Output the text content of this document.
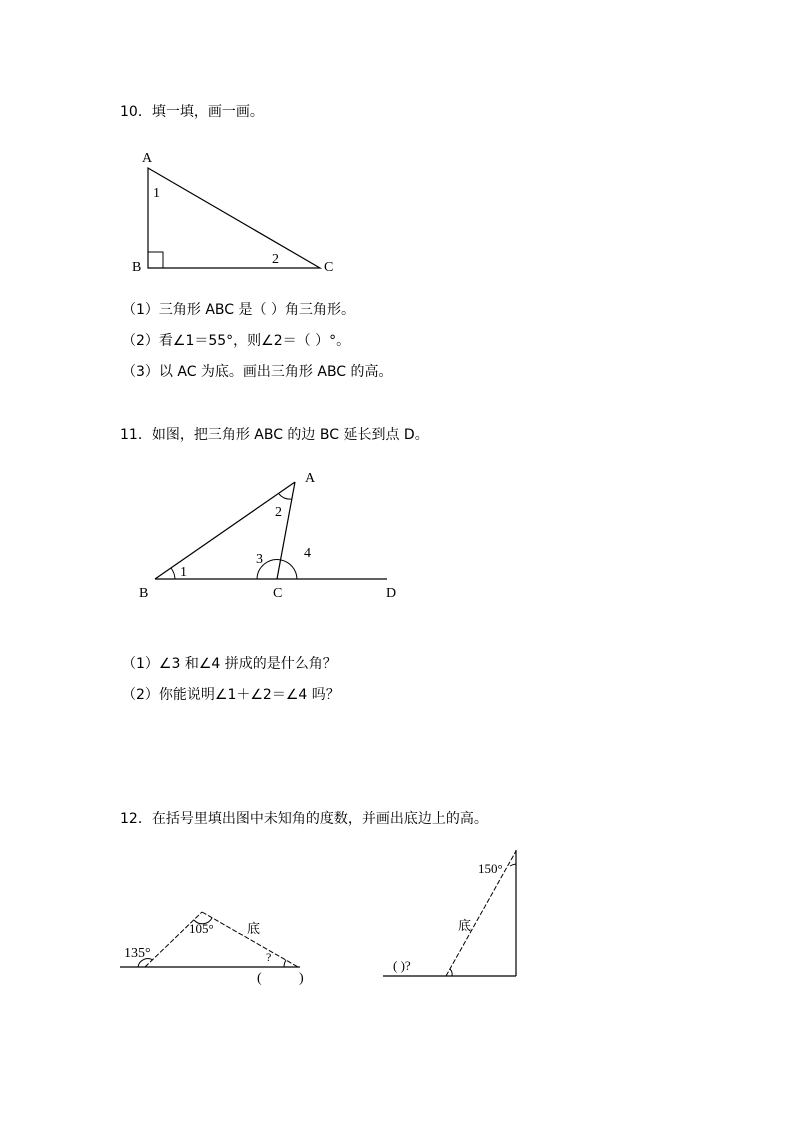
10．填一填，画一画。
A
B	C
1
2
（1）三角形 ABC 是（ ）角三角形。
（2）看∠1＝55°，则∠2＝（ ）°。
（3）以 AC 为底。画出三角形 ABC 的高。
11．如图，把三角形 ABC 的边 BC 延长到点 D。
A
B	C	D
1
2
3	4
（1）∠3 和∠4 拼成的是什么角？
（2）你能说明∠1＋∠2＝∠4 吗？
12．在括号里填出图中未知角的度数，并画出底边上的高。
135°
105°	底
?
(	)
150°
底
( )?
